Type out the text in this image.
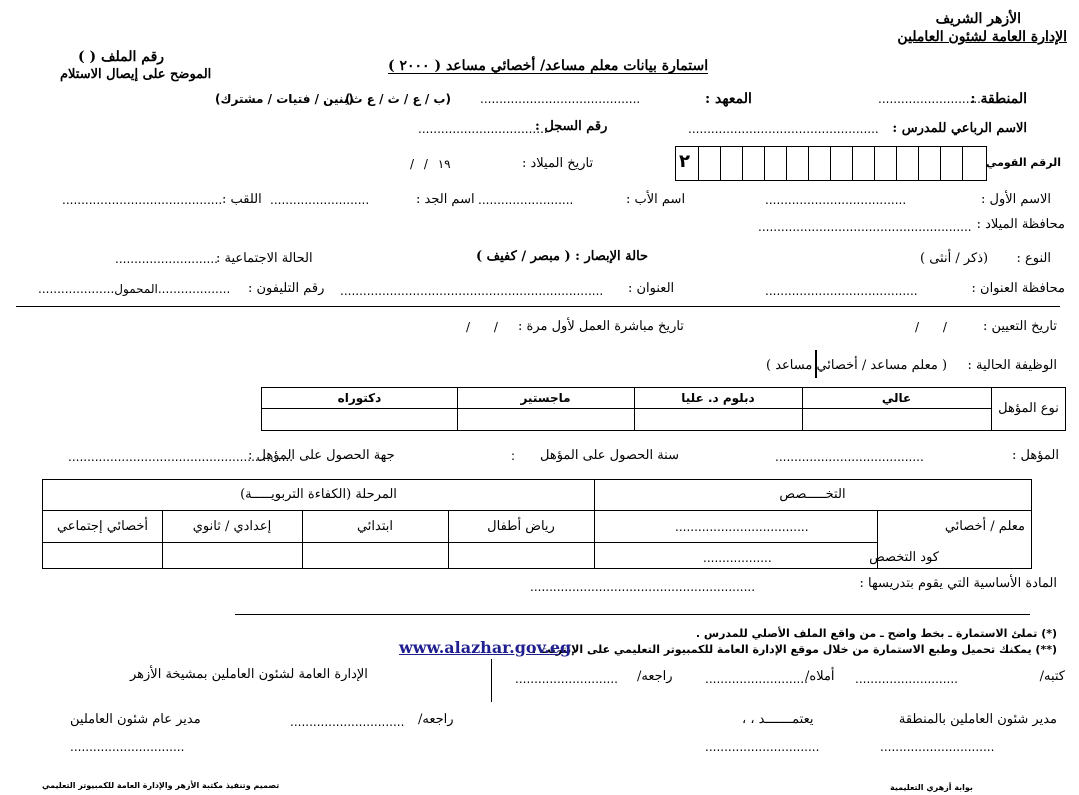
الأزهر الشريف
الإدارة العامة لشئون العاملين
رقم الملف ( )
الموضح على إيصال الاستلام
استمارة بيانات معلم مساعد/ أخصائي مساعد ( ٢٠٠٠ )
المنطقة :
...........................
المعهد :
..........................................
(ب / ع / ث / ع ث)
(بنين / فتيات / مشترك)
الاسم الرباعي للمدرس :
..................................................
رقم السجل :
..................................
الرقم القومي
٢
تاريخ الميلاد :
/ / ١٩
الاسم الأول :
.....................................
اسم الأب :
.........................
اسم الجد :
..........................
اللقب :
..........................................
محافظة الميلاد :
........................................................
النوع :
(ذكر / أنثى )
حالة الإبصار : ( مبصر / كفيف )
الحالة الاجتماعية :
...........................
محافظة العنوان :
........................................
العنوان :
.....................................................................
رقم التليفون :
...................المحمول....................
تاريخ التعيين :
/ /
تاريخ مباشرة العمل لأول مرة :
/ /
الوظيفة الحالية :
( معلم مساعد / أخصائي مساعد )
نوع المؤهل
عالي
دبلوم د. عليا
ماجستير
دكتوراه
المؤهل :
.......................................
سنة الحصول على المؤهل
:
جهة الحصول على المؤهل :
...........................................................
التخـــــصص
المرحلة (الكفاءة التربويـــــة)
معلم / أخصائي
...................................
كود التخصص
..................
رياض أطفال
ابتدائي
إعدادي / ثانوي
أخصائي إجتماعي
المادة الأساسية التي يقوم بتدريسها :
...........................................................
(*) تملئ الاستمارة ـ بخط واضح ـ من واقع الملف الأصلي للمدرس .
(**) يمكنك تحميل وطبع الاستمارة من خلال موقع الإدارة العامة للكمبيوتر التعليمي على الإنترنت :
www.alazhar.gov.eg
كتبه/
...........................
أملاه/
...........................
راجعه/
...........................
الإدارة العامة لشئون العاملين بمشيخة الأزهر
مدير شئون العاملين بالمنطقة
يعتمـــــــد ، ،
راجعه/
..............................
مدير عام شئون العاملين
..............................
..............................
..............................
تصميم وتنفيذ مكتبة الأزهر والإدارة العامة للكمبيوتر التعليمي	بوابة أزهري التعليمية
